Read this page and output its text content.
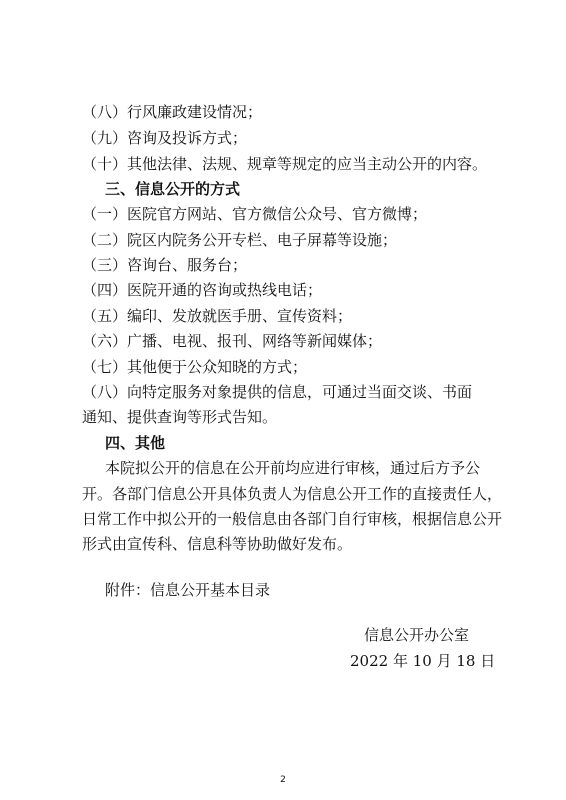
（八）行风廉政建设情况；
（九）咨询及投诉方式；
（十）其他法律、法规、规章等规定的应当主动公开的内容。
三、信息公开的方式
（一）医院官方网站、官方微信公众号、官方微博；
（二）院区内院务公开专栏、电子屏幕等设施；
（三）咨询台、服务台；
（四）医院开通的咨询或热线电话；
（五）编印、发放就医手册、宣传资料；
（六）广播、电视、报刊、网络等新闻媒体；
（七）其他便于公众知晓的方式；
（八）向特定服务对象提供的信息，可通过当面交谈、书面
通知、提供查询等形式告知。
四、其他
本院拟公开的信息在公开前均应进行审核，通过后方予公
开。各部门信息公开具体负责人为信息公开工作的直接责任人，
日常工作中拟公开的一般信息由各部门自行审核，根据信息公开
形式由宣传科、信息科等协助做好发布。
附件：信息公开基本目录
信息公开办公室
2022 年 10 月 18 日
2
